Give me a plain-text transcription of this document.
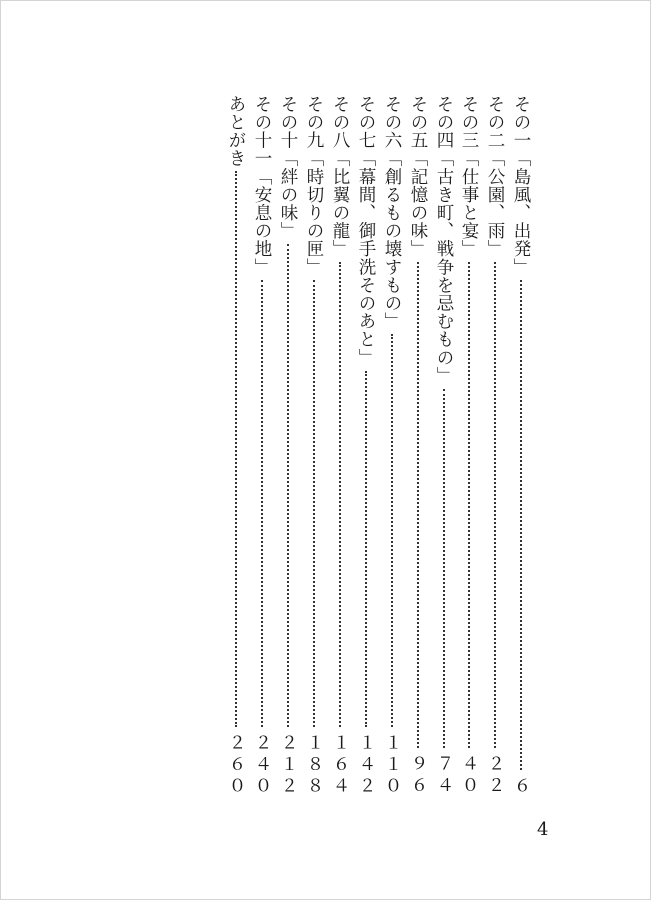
その一「島風、出発」
６
その二「公園、雨」
２２
その三「仕事と宴」
４０
その四「古き町、戦争を忌むもの」
７４
その五「記憶の味」
９６
その六「創るもの壊すもの」
１１０
その七「幕間、御手洗そのあと」
１４２
その八「比翼の龍」
１６４
その九「時切りの匣」
１８８
その十「絆の味」
２１２
その十一「安息の地」
２４０
あとがき
２６０
4
